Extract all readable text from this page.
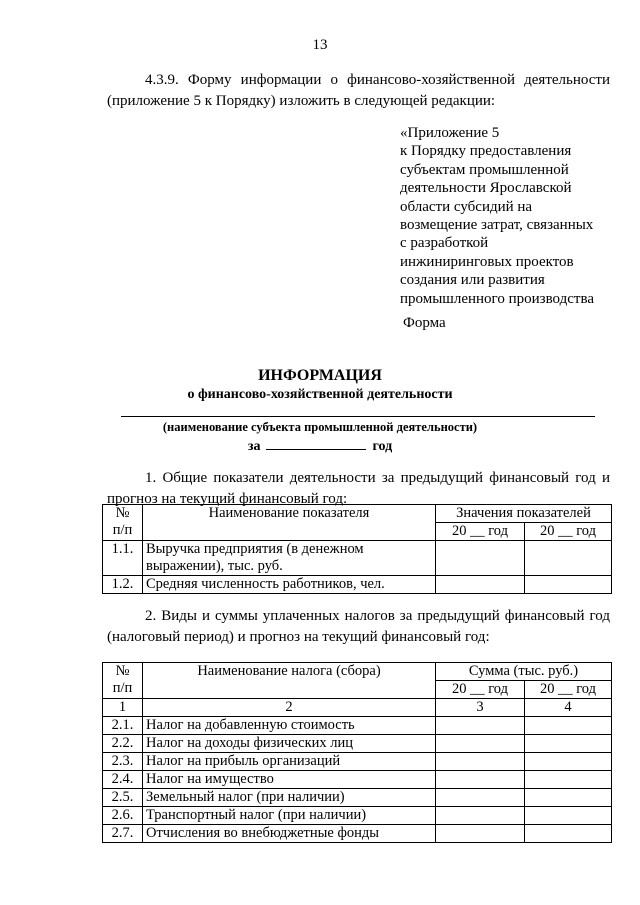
13
4.3.9. Форму информации о финансово-хозяйственной деятельности
(приложение 5 к Порядку) изложить в следующей редакции:
«Приложение 5
к Порядку предоставления
субъектам промышленной
деятельности Ярославской
области субсидий на
возмещение затрат, связанных
с разработкой
инжиниринговых проектов
создания или развития
промышленного производства
Форма
ИНФОРМАЦИЯ
о финансово-хозяйственной деятельности
(наименование субъекта промышленной деятельности)
за	год
1. Общие показатели деятельности за предыдущий финансовый год и
прогноз на текущий финансовый год:
№
п/п	Наименование показателя	Значения показателей	
		20 __ год	20 __ год
1.1.	Выручка предприятия (в денежном
выражении), тыс. руб.		

1.2.	Средняя численность работников, чел.		
2. Виды и суммы уплаченных налогов за предыдущий финансовый год
(налоговый период) и прогноз на текущий финансовый год:
№
п/п	Наименование налога (сбора)	Сумма (тыс. руб.)	
		20 __ год	20 __ год
1	2	3	4
2.1.	Налог на добавленную стоимость		
2.2.	Налог на доходы физических лиц		
2.3.	Налог на прибыль организаций		
2.4.	Налог на имущество		
2.5.	Земельный налог (при наличии)		
2.6.	Транспортный налог (при наличии)		
2.7.	Отчисления во внебюджетные фонды		
